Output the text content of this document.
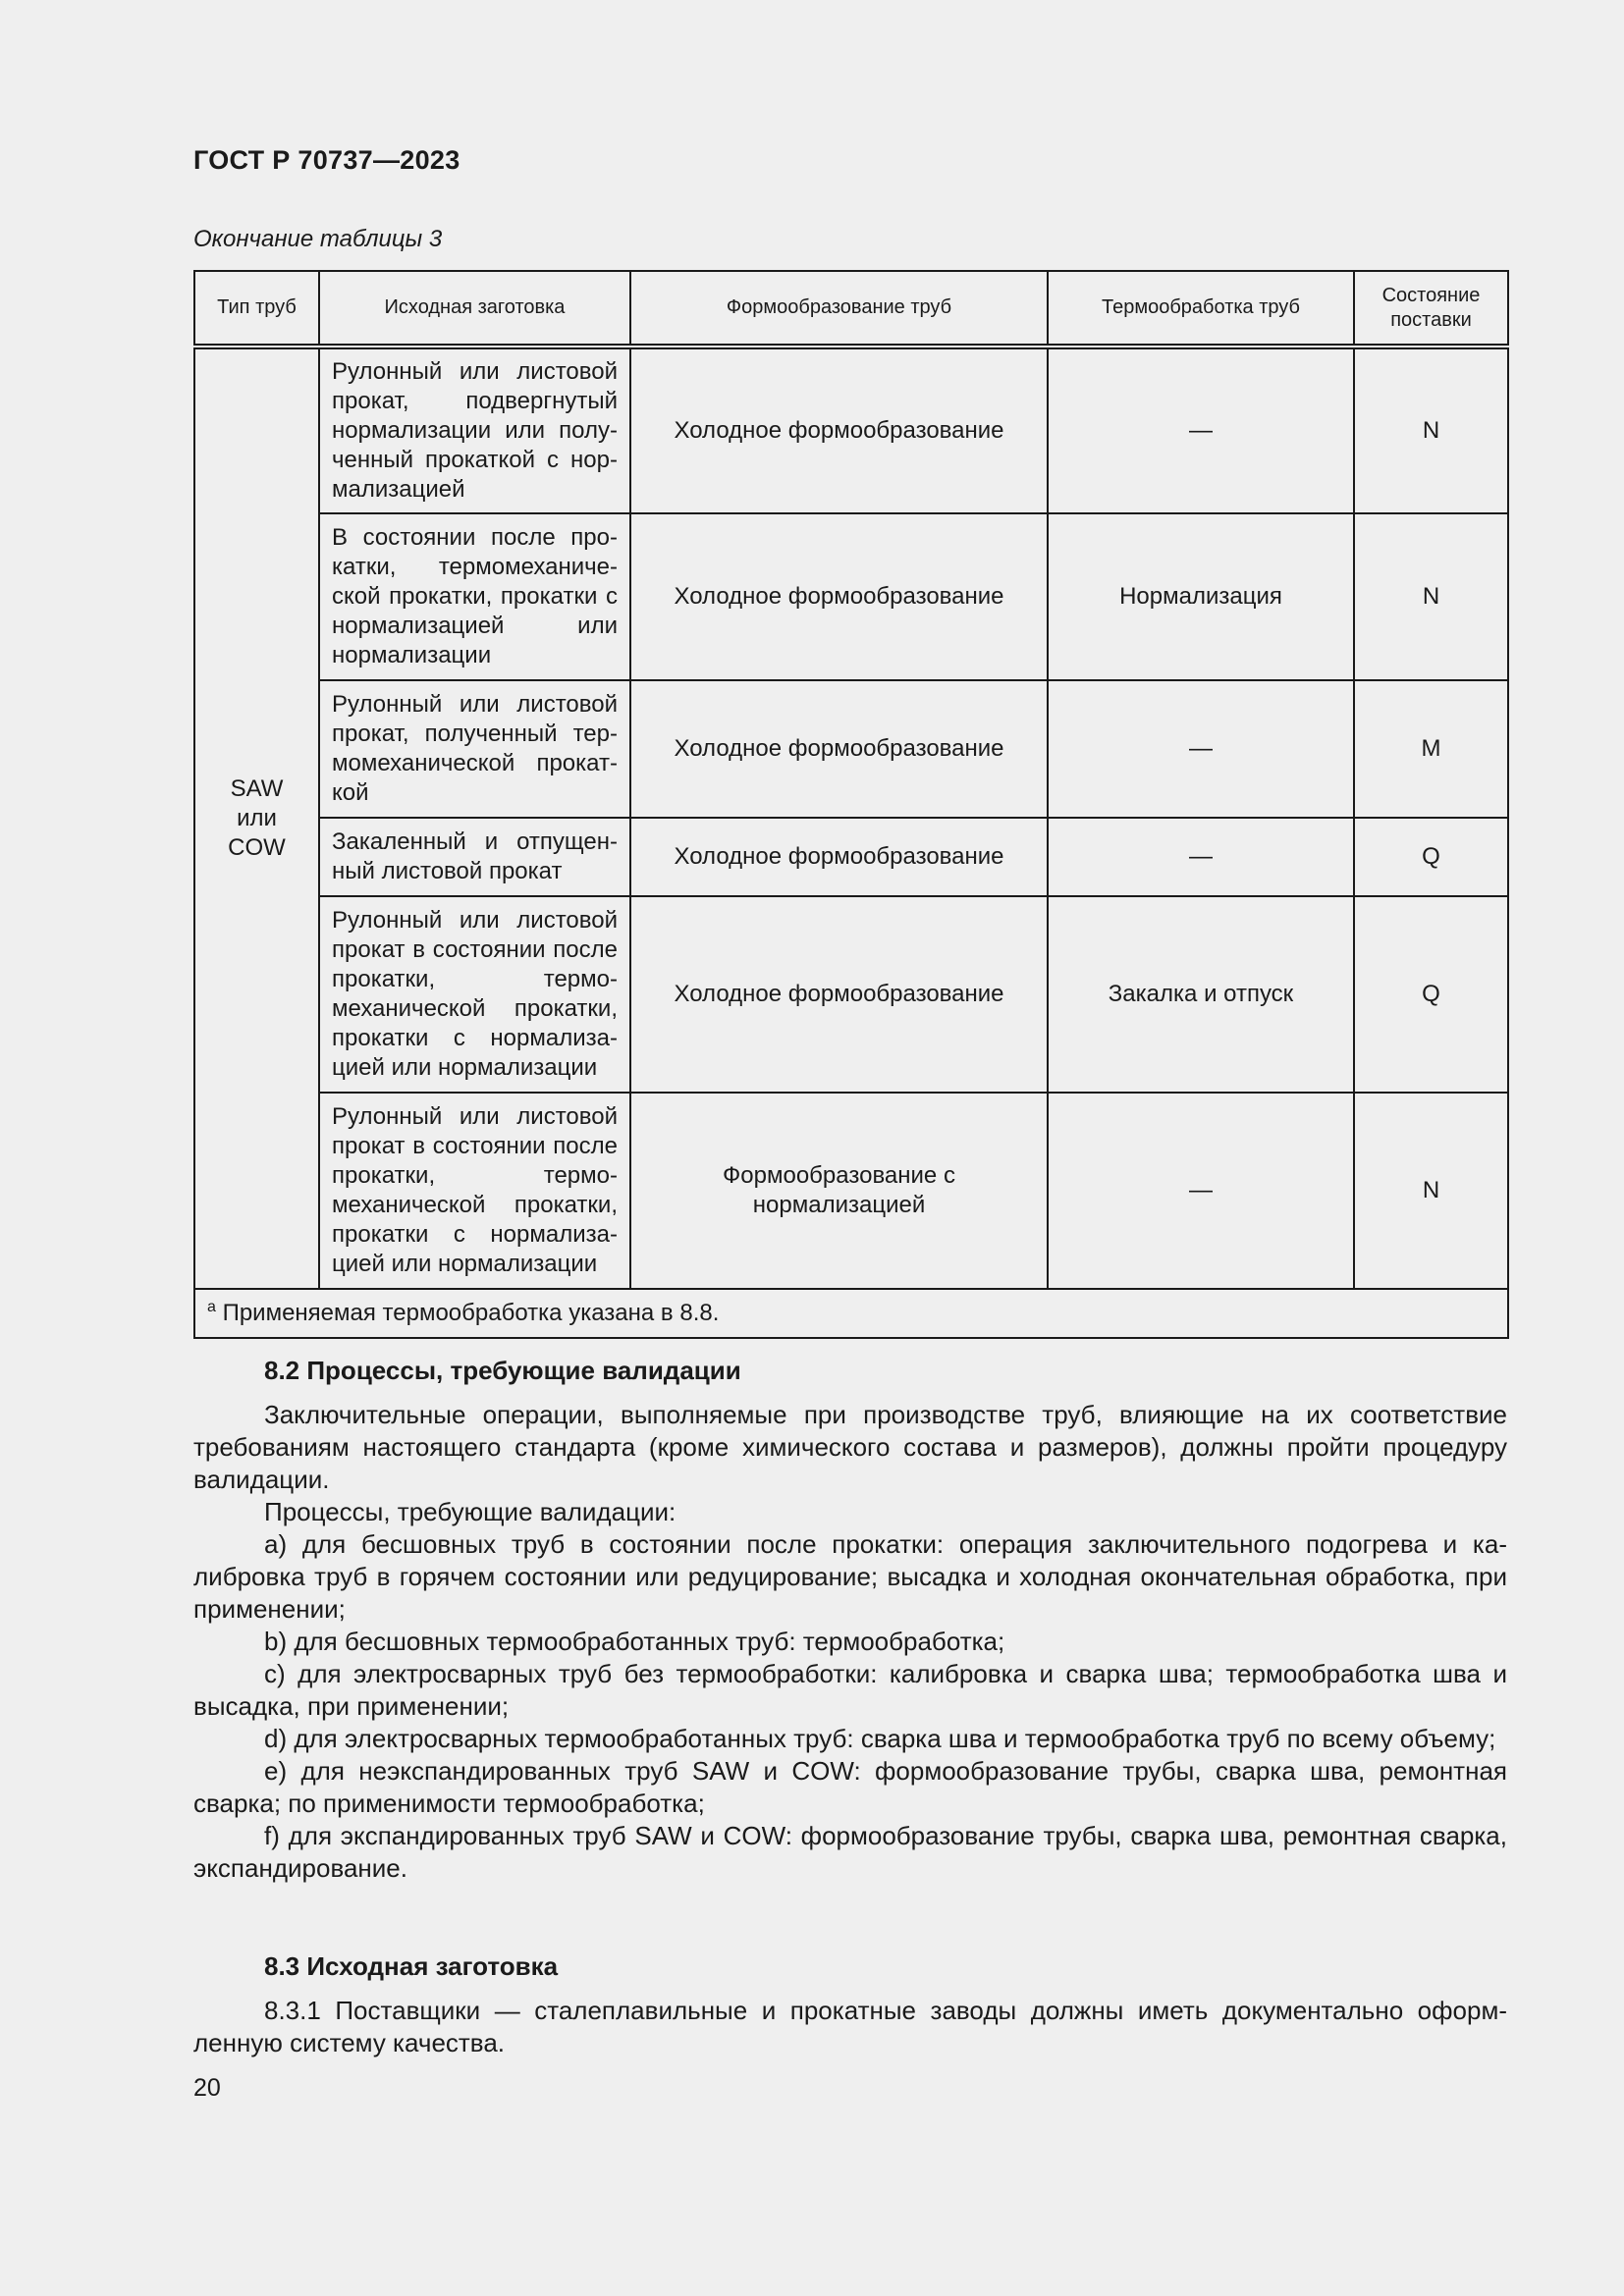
ГОСТ Р 70737—2023
Окончание таблицы 3
Тип труб	Исходная заготовка	Формообразование труб	Термообработка труб	Состояние поставки

SAW или COW	Рулонный или листовой прокат, подвергнутый нормализации или полученный прокаткой с нормализацией	Холодное формообразование	—	N
	В состоянии после прокатки, термомеханической прокатки, прокатки с нормализацией или нормализации	Холодное формообразование	Нормализация	N
	Рулонный или листовой прокат, полученный термомеханической прокаткой	Холодное формообразование	—	M
	Закаленный и отпущенный листовой прокат	Холодное формообразование	—	Q
	Рулонный или листовой прокат в состоянии после прокатки, термомеханической прокатки, прокатки с нормализацией или нормализации	Холодное формообразование	Закалка и отпуск	Q
	Рулонный или листовой прокат в состоянии после прокатки, термомеханической прокатки, прокатки с нормализацией или нормализации	Формообразование с нормализацией	—	N
$^a$ Применяемая термообработка указана в 8.8.				
8.2 Процессы, требующие валидации

Заключительные операции, выполняемые при производстве труб, влияющие на их соответствие требованиям настоящего стандарта (кроме химического состава и размеров), должны пройти процедуру валидации.

Процессы, требующие валидации:

a) для бесшовных труб в состоянии после прокатки: операция заключительного подогрева и калибровка труб в горячем состоянии или редуцирование; высадка и холодная окончательная обработка, при применении;

b) для бесшовных термообработанных труб: термообработка;

c) для электросварных труб без термообработки: калибровка и сварка шва; термообработка шва и высадка, при применении;

d) для электросварных термообработанных труб: сварка шва и термообработка труб по всему объему;

e) для неэкспандированных труб SAW и COW: формообразование трубы, сварка шва, ремонтная сварка; по применимости термообработка;

f) для экспандированных труб SAW и COW: формообразование трубы, сварка шва, ремонтная сварка, экспандирование.

8.3 Исходная заготовка

8.3.1 Поставщики — сталеплавильные и прокатные заводы должны иметь документально оформленную систему качества.

20
